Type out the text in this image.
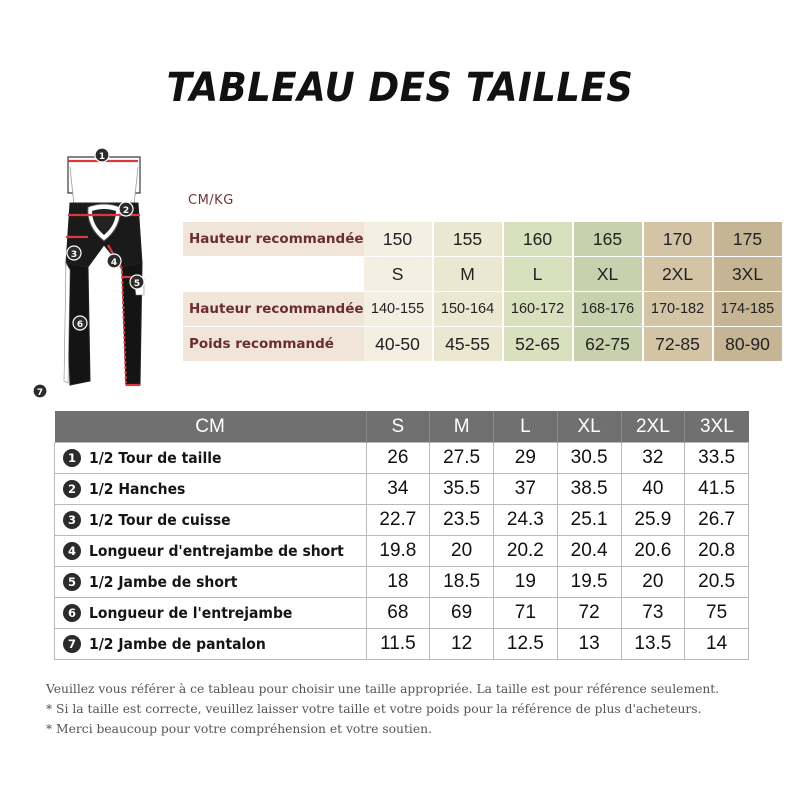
TABLEAU DES TAILLES
1
2
3
4
5
6
7
CM/KG
Hauteur recommandée	150	155	160	165	170	175
	S	M	L	XL	2XL	3XL
Hauteur recommandée	140-155	150-164	160-172	168-176	170-182	174-185
Poids recommandé	40-50	45-55	52-65	62-75	72-85	80-90
CM	S	M	L	XL	2XL	3XL
1 1/2 Tour de taille	26	27.5	29	30.5	32	33.5
2 1/2 Hanches	34	35.5	37	38.5	40	41.5
3 1/2 Tour de cuisse	22.7	23.5	24.3	25.1	25.9	26.7
4 Longueur d'entrejambe de short	19.8	20	20.2	20.4	20.6	20.8
5 1/2 Jambe de short	18	18.5	19	19.5	20	20.5
6 Longueur de l'entrejambe	68	69	71	72	73	75
7 1/2 Jambe de pantalon	11.5	12	12.5	13	13.5	14
Veuillez vous référer à ce tableau pour choisir une taille appropriée. La taille est pour référence seulement.
* Si la taille est correcte, veuillez laisser votre taille et votre poids pour la référence de plus d'acheteurs.
* Merci beaucoup pour votre compréhension et votre soutien.
